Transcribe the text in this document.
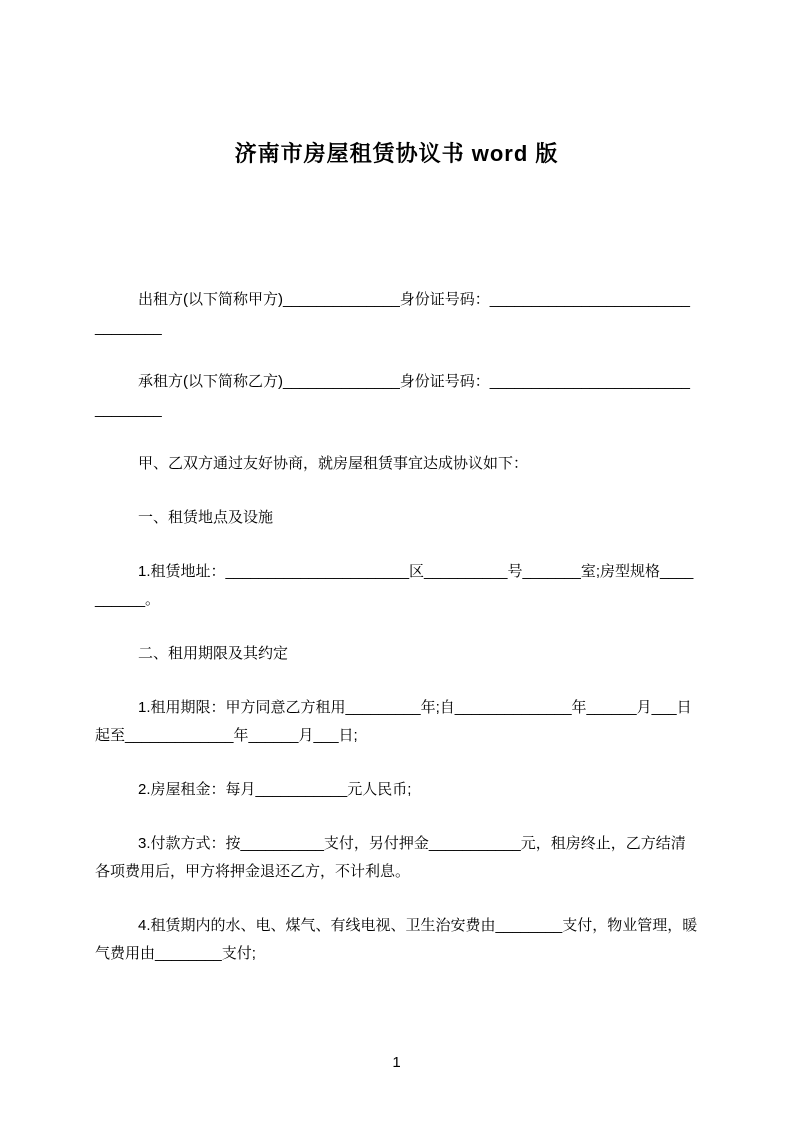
济南市房屋租赁协议书 word 版

出租方(以下简称甲方)______________身份证号码：________________________________

承租方(以下简称乙方)______________身份证号码：________________________________

甲、乙双方通过友好协商，就房屋租赁事宜达成协议如下：

一、租赁地点及设施

1.租赁地址：______________________区__________号_______室;房型规格__________。

二、租用期限及其约定

1.租用期限：甲方同意乙方租用_________年;自______________年______月___日起至_____________年______月___日;

2.房屋租金：每月___________元人民币;

3.付款方式：按__________支付，另付押金___________元，租房终止，乙方结清各项费用后，甲方将押金退还乙方，不计利息。

4.租赁期内的水、电、煤气、有线电视、卫生治安费由________支付，物业管理，暖气费用由________支付;

1
